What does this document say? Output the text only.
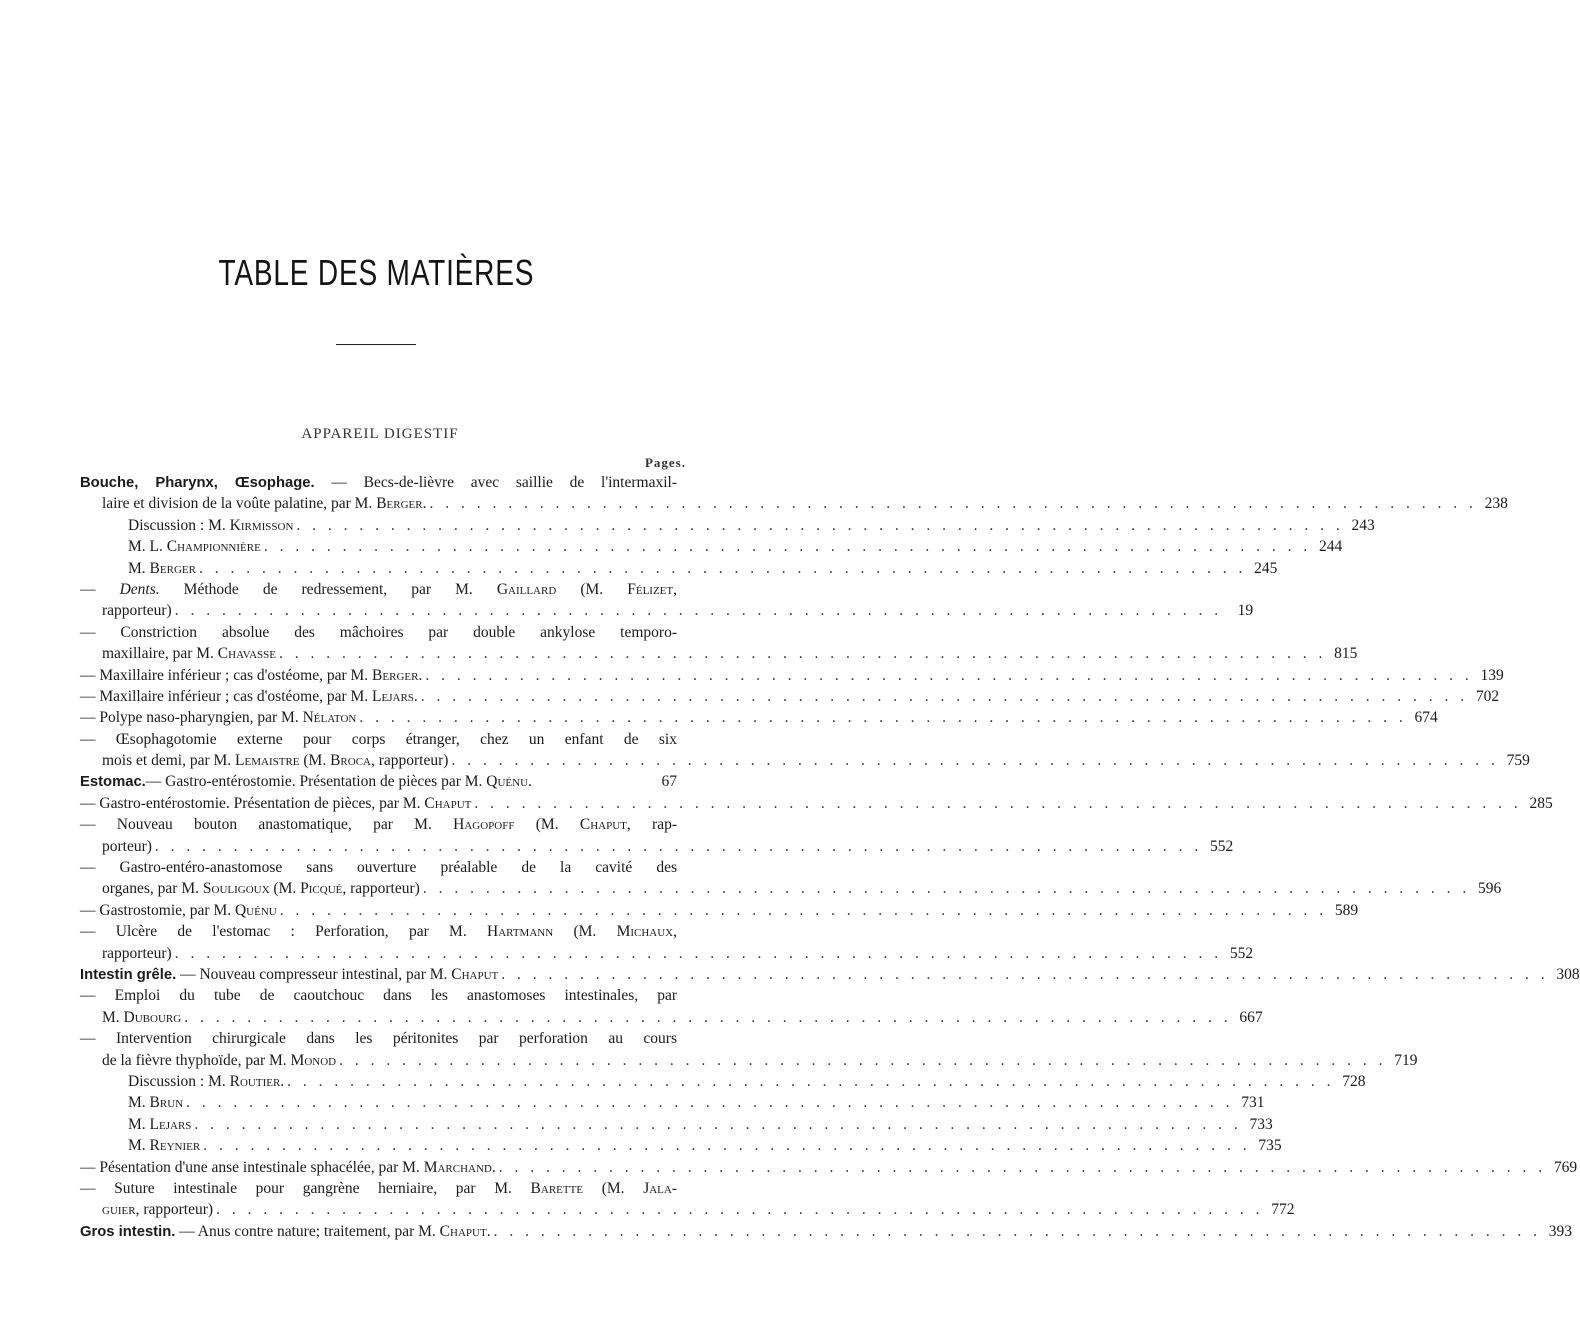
TABLE DES MATIÈRES
APPAREIL DIGESTIF
Pages.
Bouche, Pharynx, Œsophage. — Becs-de-lièvre avec saillie de l'intermaxil-
laire et division de la voûte palatine, par M. Berger. . . .	238
Discussion : M. Kirmisson . . .	243
M. L. Championnière . . .	244
M. Berger . . .	245
— Dents. Méthode de redressement, par M. Gaillard (M. Félizet,
rapporteur) . . .	19
— Constriction absolue des mâchoires par double ankylose temporo-
maxillaire, par M. Chavasse . . .	815
— Maxillaire inférieur ; cas d'ostéome, par M. Berger. . . .	139
— Maxillaire inférieur ; cas d'ostéome, par M. Lejars. . . .	702
— Polype naso-pharyngien, par M. Nélaton . . .	674
— Œsophagotomie externe pour corps étranger, chez un enfant de six
mois et demi, par M. Lemaistre (M. Broca, rapporteur) . . .	759
Estomac.— Gastro-entérostomie. Présentation de pièces par M. Quénu.	67
— Gastro-entérostomie. Présentation de pièces, par M. Chaput . . .	285
— Nouveau bouton anastomatique, par M. Hagopoff (M. Chaput, rap-
porteur) . . .	552
— Gastro-entéro-anastomose sans ouverture préalable de la cavité des
organes, par M. Souligoux (M. Picqué, rapporteur) . . .	596
— Gastrostomie, par M. Quénu . . .	589
— Ulcère de l'estomac : Perforation, par M. Hartmann (M. Michaux,
rapporteur) . . .	552
Intestin grêle. — Nouveau compresseur intestinal, par M. Chaput . . .	308
— Emploi du tube de caoutchouc dans les anastomoses intestinales, par
M. Dubourg . . .	667
— Intervention chirurgicale dans les péritonites par perforation au cours
de la fièvre thyphoïde, par M. Monod . . .	719
Discussion : M. Routier. . . .	728
M. Brun . . .	731
M. Lejars . . .	733
M. Reynier . . .	735
— Pésentation d'une anse intestinale sphacélée, par M. Marchand. . . .	769
— Suture intestinale pour gangrène herniaire, par M. Barette (M. Jala-
guier, rapporteur) . . .	772
Gros intestin. — Anus contre nature; traitement, par M. Chaput. . . .	393
